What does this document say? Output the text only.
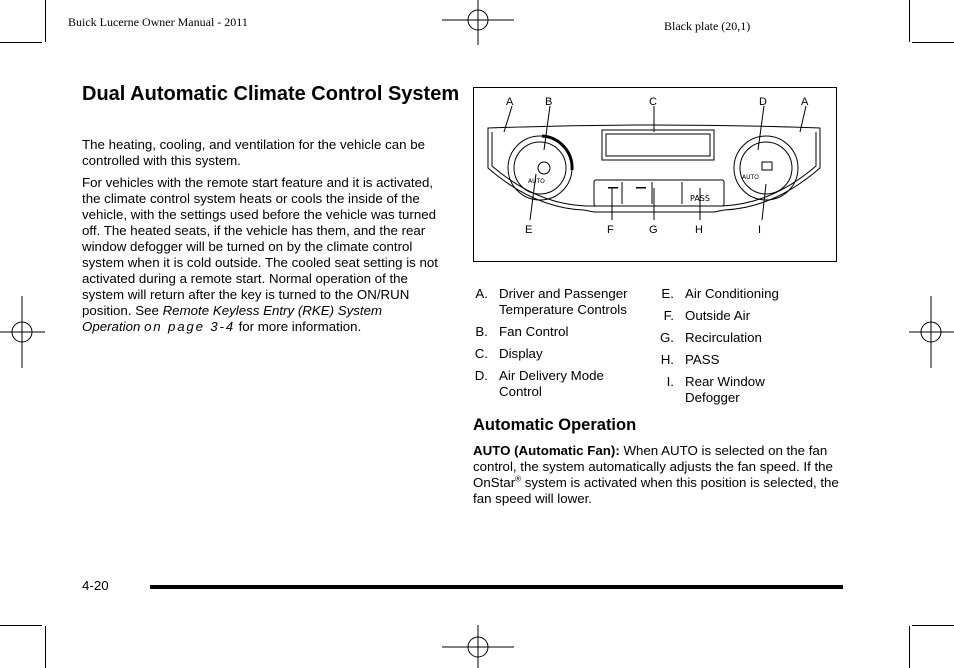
Buick Lucerne Owner Manual - 2011	Black plate (20,1)
Dual Automatic Climate Control System

The heating, cooling, and ventilation for the vehicle can be controlled with this system.

For vehicles with the remote start feature and it is activated, the climate control system heats or cools the inside of the vehicle, with the settings used before the vehicle was turned off. The heated seats, if the vehicle has them, and the rear window defogger will be turned on by the climate control system when it is cold outside. The cooled seat setting is not activated during a remote start. Normal operation of the system will return after the key is turned to the ON/RUN position. See Remote Keyless Entry (RKE) System Operation on page 3-4 for more information.

AUTO
AUTO
PASS
A	B	C	D	A
E	F	G	H	I
A. Driver and Passenger Temperature Controls
B. Fan Control
C. Display
D. Air Delivery Mode Control
E. Air Conditioning
F. Outside Air
G. Recirculation
H. PASS
I. Rear Window Defogger
Automatic Operation

AUTO (Automatic Fan): When AUTO is selected on the fan control, the system automatically adjusts the fan speed. If the OnStar® system is activated when this position is selected, the fan speed will lower.

4-20
